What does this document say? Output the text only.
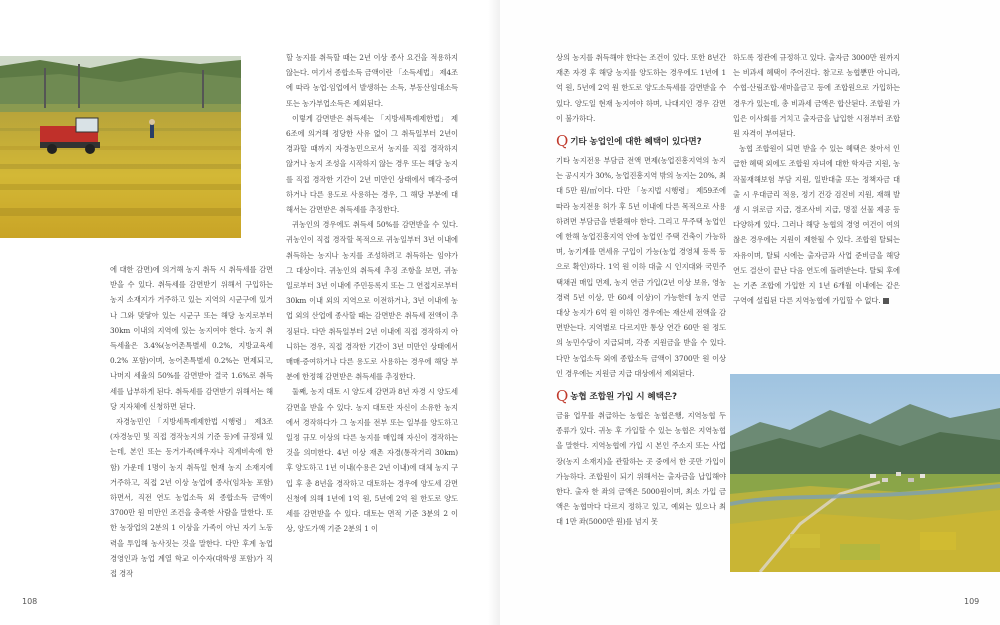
에 대한 감면)에 의거해 농지 취득 시 취득세를 감면받을 수 있다. 취득세를 감면받기 위해서 구입하는 농지 소재지가 거주하고 있는 지역의 시군구에 있거나 그와 맞닿아 있는 시군구 또는 해당 농지로부터 30km 이내의 지역에 있는 농지여야 한다. 농지 취득세율은 3.4%(농어촌특별세 0.2%, 지방교육세 0.2% 포함)이며, 농어촌특별세 0.2%는 면제되고, 나머지 세율의 50%를 감면받아 결국 1.6%로 취득세를 납부하게 된다. 취득세를 감면받기 위해서는 해당 지자체에 신청하면 된다.

자경농민인 「지방세특례제한법 시행령」 제3조(자경농민 및 직접 경작농지의 기준 등)에 규정돼 있는데, 본인 또는 동거가족(배우자나 직계비속에 한함) 가운데 1명이 농지 취득일 현재 농지 소재지에 거주하고, 직접 2년 이상 농업에 종사(임차농 포함)하면서, 직전 연도 농업소득 외 종합소득 금액이 3700만 원 미만인 조건을 충족한 사람을 말한다. 또한 농장업의 2분의 1 이상을 가족이 아닌 자기 노동력을 투입해 농사짓는 것을 말한다. 다만 후계 농업 경영인과 농업 계열 학교 이수자(대학생 포함)가 직접 경작

할 농지를 취득할 때는 2년 이상 종사 요건을 적용하지 않는다. 여기서 종합소득 금액이란 「소득세법」 제4조에 따라 농업·임업에서 발생하는 소득, 부동산임대소득 또는 농가부업소득은 제외된다.

이렇게 감면받은 취득세는 「지방세특례제한법」 제6조에 의거해 정당한 사유 없이 그 취득일부터 2년이 경과할 때까지 자경농민으로서 농지를 직접 경작하지 않거나 농지 조성을 시작하지 않는 경우 또는 해당 농지를 직접 경작한 기간이 2년 미만인 상태에서 매각·증여하거나 다른 용도로 사용하는 경우, 그 해당 부분에 대해서는 감면받은 취득세를 추징한다.

귀농인의 경우에도 취득세 50%를 감면받을 수 있다. 귀농인이 직접 경작할 목적으로 귀농일부터 3년 이내에 취득하는 농지나 농지를 조성하려고 취득하는 임야가 그 대상이다. 귀농인의 취득세 추징 조항을 보면, 귀농일로부터 3년 이내에 주민등록지 또는 그 연접지로부터 30km 이내 외의 지역으로 이전하거나, 3년 이내에 농업 외의 산업에 종사할 때는 감면받은 취득세 전액이 추징된다. 다만 취득일부터 2년 이내에 직접 경작하지 아니하는 경우, 직접 경작한 기간이 3년 미만인 상태에서 매매·증여하거나 다른 용도로 사용하는 경우에 해당 부분에 한정해 감면받은 취득세를 추징한다.

둘째, 농지 대토 시 양도세 감면과 8년 자경 시 양도세 감면을 받을 수 있다. 농지 대토란 자신이 소유한 농지에서 경작하다가 그 농지를 전부 또는 일부를 양도하고 일정 규모 이상의 다른 농지를 매입해 자신이 경작하는 것을 의미한다. 4년 이상 재촌 자경(통작거리 30km) 후 양도하고 1년 이내(수용은 2년 이내)에 대체 농지 구입 후 총 8년을 경작하고 대토하는 경우에 양도세 감면 신청에 의해 1년에 1억 원, 5년에 2억 원 한도로 양도세를 감면받을 수 있다. 대토는 면적 기준 3분의 2 이상, 양도가액 기준 2분의 1 이

108

상의 농지를 취득해야 한다는 조건이 있다. 또한 8년간 재촌 자경 후 해당 농지를 양도하는 경우에도 1년에 1억 원, 5년에 2억 원 한도로 양도소득세를 감면받을 수 있다. 양도일 현재 농지여야 하며, 나대지인 경우 감면이 불가하다.

Q기타 농업인에 대한 혜택이 있다면?

기타 농지전용 부담금 전액 면제(농업진흥지역의 농지는 공시지가 30%, 농업진흥지역 밖의 농지는 20%, 최대 5만 원/㎡이다. 다만 「농지법 시행령」 제59조에 따라 농지전용 허가 후 5년 이내에 다른 목적으로 사용하려면 부담금을 반환해야 한다. 그리고 무주택 농업인에 한해 농업진흥지역 안에 농업인 주택 건축이 가능하며, 농기계를 면세유 구입이 가능(농업 경영체 등록 등으로 확인)하다. 1억 원 이하 대출 시 인지대와 국민주택채권 매입 면제, 농지 연금 가입(2년 이상 보유, 영농 경력 5년 이상, 만 60세 이상)이 가능한데 농지 연금 대상 농지가 6억 원 이하인 경우에는 재산세 전액을 감면받는다. 지역별로 다르지만 통상 연간 60만 원 정도의 농민수당이 지급되며, 각종 지원금을 받을 수 있다. 다만 농업소득 외에 종합소득 금액이 3700만 원 이상인 경우에는 지원금 지급 대상에서 제외된다.

Q농협 조합원 가입 시 혜택은?

금융 업무를 취급하는 농협은 농협은행, 지역농협 두 종류가 있다. 귀농 후 가입할 수 있는 농협은 지역농협을 말한다. 지역농협에 가입 시 본인 주소지 또는 사업장(농지 소재지)을 관할하는 곳 중에서 한 곳만 가입이 가능하다. 조합원이 되기 위해서는 출자금을 납입해야 한다. 출자 한 좌의 금액은 5000원이며, 최소 가입 금액은 농협마다 다르지 정하고 있고, 예외는 있으나 최대 1만 좌(5000만 원)를 넘지 못

하도록 정관에 규정하고 있다. 출자금 3000만 원까지는 비과세 혜택이 주어진다. 참고로 농협뿐만 아니라, 수협·산림조합·새마을금고 등에 조합원으로 가입하는 경우가 있는데, 총 비과세 금액은 합산된다. 조합원 가입은 이사회를 거치고 출자금을 납입한 시점부터 조합원 자격이 부여된다.

농협 조합원이 되면 받을 수 있는 혜택은 찾아서 인급한 혜택 외에도 조합원 자녀에 대한 학자금 지원, 농작물재해보험 부담 지원, 일반대출 또는 정책자금 대출 시 우대금리 적용, 정기 건강 검진비 지원, 재해 발생 시 위로금 지급, 경조사비 지급, 명절 선물 제공 등 다양하게 있다. 그러나 해당 농협의 경영 여건이 여의찮은 경우에는 지원이 제한될 수 있다. 조합원 탈퇴는 자유이며, 탈퇴 시에는 출자금과 사업 준비금을 해당 연도 결산이 끝난 다음 연도에 돌려받는다. 탈퇴 후에는 기존 조합에 가입한 지 1년 6개월 이내에는 같은 구역에 설립된 다른 지역농협에 가입할 수 없다.

109
